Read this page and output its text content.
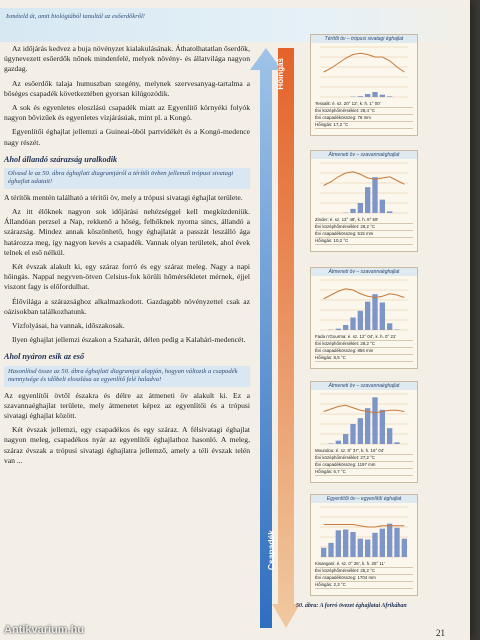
Ismételd át, amit biológiából tanultál az esőerdőkről!

Az időjárás kedvez a buja növényzet kialakulásának. Áthatolhatatlan őserdők, úgynevezett esőerdők nőnek mindenfelé, melyek növény- és állatvilága nagyon gazdag.

Az esőerdők talaja humuszban szegény, melynek szervesanyag-tartalma a bőséges csapadék következtében gyorsan kilúgozódik.

A sok és egyenletes eloszlású csapadék miatt az Egyenlítő környéki folyók nagyon bővizűek és egyenletes vízjárásúak, mint pl. a Kongó.

Egyenlítői éghajlat jellemzi a Guineai-öböl partvidékét és a Kongó-medence nagy részét.

Ahol állandó szárazság uralkodik
Olvasd le az 50. ábra éghajlati diagramjáról a térítői övben jellemző trópusi sivatagi éghajlat adatait!

A térítők mentén található a térítői öv, mely a trópusi sivatagi éghajlat területe.

Az itt élőknek nagyon sok időjárási nehézséggel kell megküzdeniük. Állandóan perzsel a Nap, rekkenő a hőség, felhőknek nyoma sincs, állandó a szárazság. Mindez annak köszönhető, hogy éghajlatát a passzát leszálló ága határozza meg, így nagyon kevés a csapadék. Vannak olyan területek, ahol évek telnek el eső nélkül.

Két évszak alakult ki, egy száraz forró és egy száraz meleg. Nagy a napi hőingás. Nappal negyven-ötven Celsius-fok körüli hőmérsékletet mérnek, éjjel viszont fagy is előfordulhat.

Élővilága a szárazsághoz alkalmazkodott. Gazdagabb növényzettel csak az oázisokban találkozhatunk.

Vízfolyásai, ha vannak, időszakosak.

Ilyen éghajlat jellemzi északon a Szaharát, délen pedig a Kalahári-medencét.

Ahol nyáron esik az eső
Hasonlítsd össze az 50. ábra éghajlati diagramjai alapján, hogyan változik a csapadék mennyisége és időbeli eloszlása az egyenlítő felé haladva!

Az egyenlítői övtől északra és délre az átmeneti öv alakult ki. Ez a szavannaéghajlat területe, mely átmenetet képez az egyenlítői és a trópusi sivatagi éghajlat között.

Két évszak jellemzi, egy csapadékos és egy száraz. A félsivatagi éghajlat nagyon meleg, csapadékos nyár az egyenlítői éghajlathoz hasonló. A meleg, száraz évszak a trópusi sivatagi éghajlatra jellemző, amely a téli évszak telén van ...

Hőingás
Csapadék
Térítői öv – trópusi sivatagi éghajlat
Tessalit: é. sz. 20° 12', k. h. 1° 00'
Évi középhőmérséklet: 28,4 °C
Évi csapadékösszeg: 76 mm
Hőingás: 17,2 °C
Átmeneti öv – szavannaéghajlat
Zinder: é. sz. 13° 48', k. h. 8° 59'
Évi középhőmérséklet: 28,2 °C
Évi csapadékösszeg: 515 mm
Hőingás: 10,2 °C
Átmeneti öv – szavannaéghajlat
Fada n'Gourma: é. sz. 12° 04', k. h. 0° 21'
Évi középhőmérséklet: 28,2 °C
Évi csapadékösszeg: 856 mm
Hőingás: 8,5 °C
Átmeneti öv – szavannaéghajlat
Moundou: é. sz. 8° 37', k. h. 16° 04'
Évi középhőmérséklet: 27,2 °C
Évi csapadékösszeg: 1197 mm
Hőingás: 6,7 °C
Egyenlítői öv – egyenlítői éghajlat
Kisangani: é. sz. 0° 26', k. h. 25° 11'
Évi középhőmérséklet: 25,2 °C
Évi csapadékösszeg: 1704 mm
Hőingás: 2,3 °C
50. ábra: A forró övezet éghajlatai Afrikában
21
Antikvarium.hu
